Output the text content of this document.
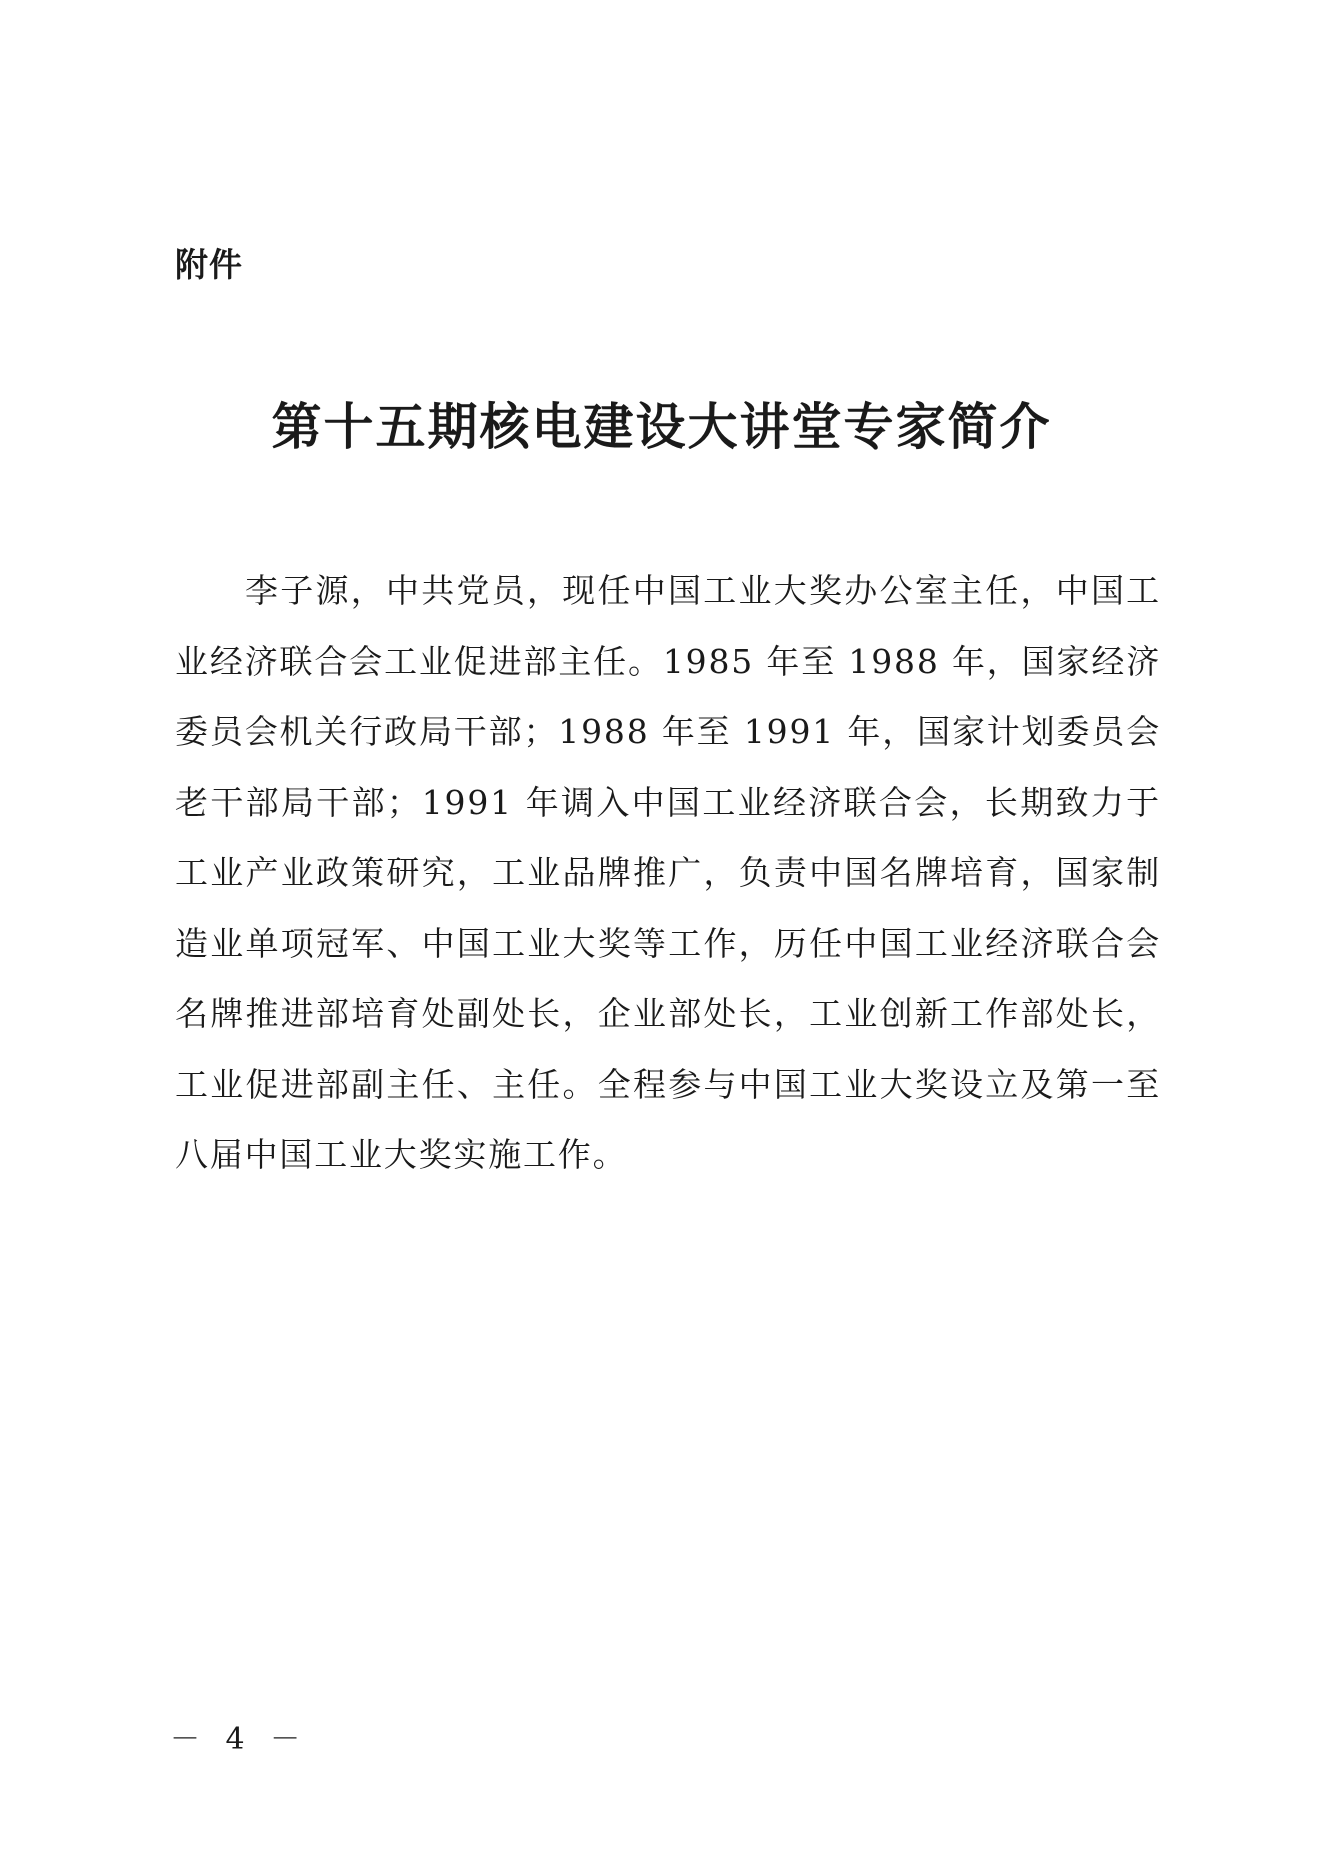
附件
第十五期核电建设大讲堂专家简介

李子源，中共党员，现任中国工业大奖办公室主任，中国工业经济联合会工业促进部主任。1985 年至 1988 年，国家经济委员会机关行政局干部；1988 年至 1991 年，国家计划委员会老干部局干部；1991 年调入中国工业经济联合会，长期致力于工业产业政策研究，工业品牌推广，负责中国名牌培育，国家制造业单项冠军、中国工业大奖等工作，历任中国工业经济联合会名牌推进部培育处副处长，企业部处长，工业创新工作部处长，工业促进部副主任、主任。全程参与中国工业大奖设立及第一至八届中国工业大奖实施工作。

－ 4 －
